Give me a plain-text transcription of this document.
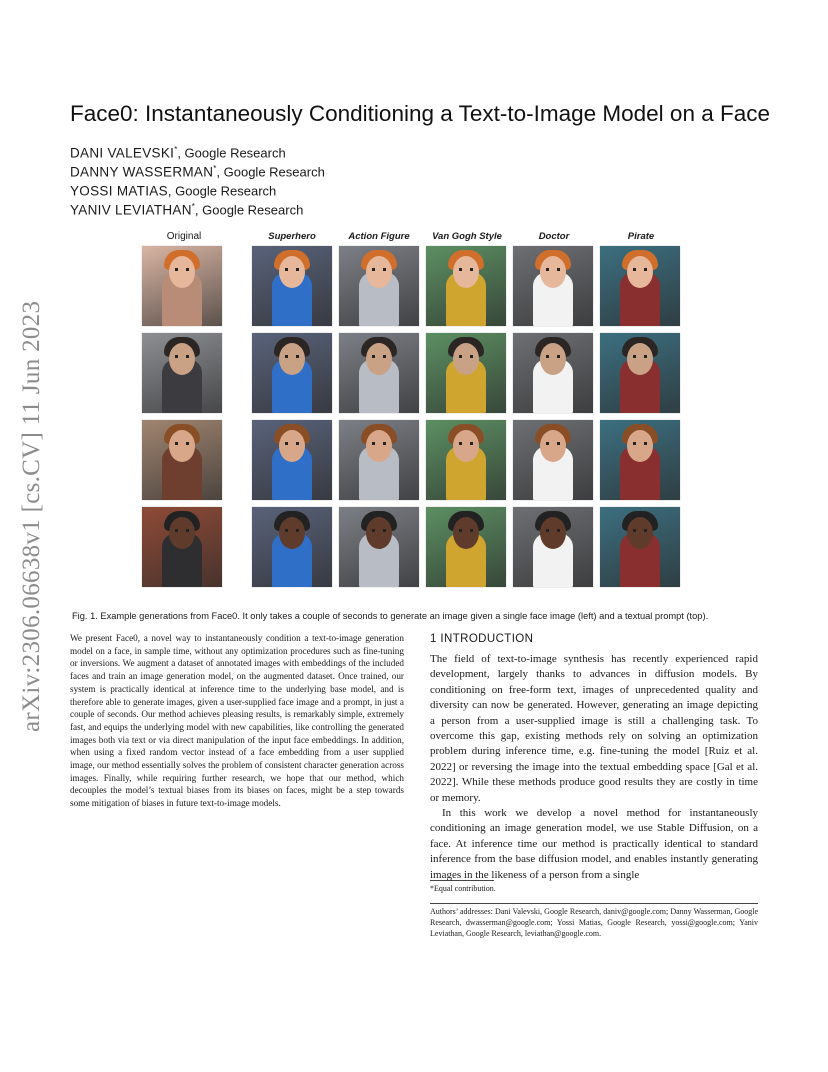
arXiv:2306.06638v1 [cs.CV] 11 Jun 2023
Face0: Instantaneously Conditioning a Text-to-Image Model on a Face
DANI VALEVSKI*, Google Research
DANNY WASSERMAN*, Google Research
YOSSI MATIAS, Google Research
YANIV LEVIATHAN*, Google Research
Original	Superhero	Action Figure	Van Gogh Style	Doctor	Pirate

Fig. 1. Example generations from Face0. It only takes a couple of seconds to generate an image given a single face image (left) and a textual prompt (top).

We present Face0, a novel way to instantaneously condition a text-to-image generation model on a face, in sample time, without any optimization procedures such as fine-tuning or inversions. We augment a dataset of annotated images with embeddings of the included faces and train an image generation model, on the augmented dataset. Once trained, our system is practically identical at inference time to the underlying base model, and is therefore able to generate images, given a user-supplied face image and a prompt, in just a couple of seconds. Our method achieves pleasing results, is remarkably simple, extremely fast, and equips the underlying model with new capabilities, like controlling the generated images both via text or via direct manipulation of the input face embeddings. In addition, when using a fixed random vector instead of a face embedding from a user supplied image, our method essentially solves the problem of consistent character generation across images. Finally, while requiring further research, we hope that our method, which decouples the model’s textual biases from its biases on faces, might be a step towards some mitigation of biases in future text-to-image models.

1 INTRODUCTION

The field of text-to-image synthesis has recently experienced rapid development, largely thanks to advances in diffusion models. By conditioning on free-form text, images of unprecedented quality and diversity can now be generated. However, generating an image depicting a person from a user-supplied image is still a challenging task. To overcome this gap, existing methods rely on solving an optimization problem during inference time, e.g. fine-tuning the model [Ruiz et al. 2022] or reversing the image into the textual embedding space [Gal et al. 2022]. While these methods produce good results they are costly in time or memory.

In this work we develop a novel method for instantaneously conditioning an image generation model, we use Stable Diffusion, on a face. At inference time our method is practically identical to standard inference from the base diffusion model, and enables instantly generating images in the likeness of a person from a single

*Equal contribution.

Authors’ addresses: Dani Valevski, Google Research, daniv@google.com; Danny Wasserman, Google Research, dwasserman@google.com; Yossi Matias, Google Research, yossi@google.com; Yaniv Leviathan, Google Research, leviathan@google.com.
